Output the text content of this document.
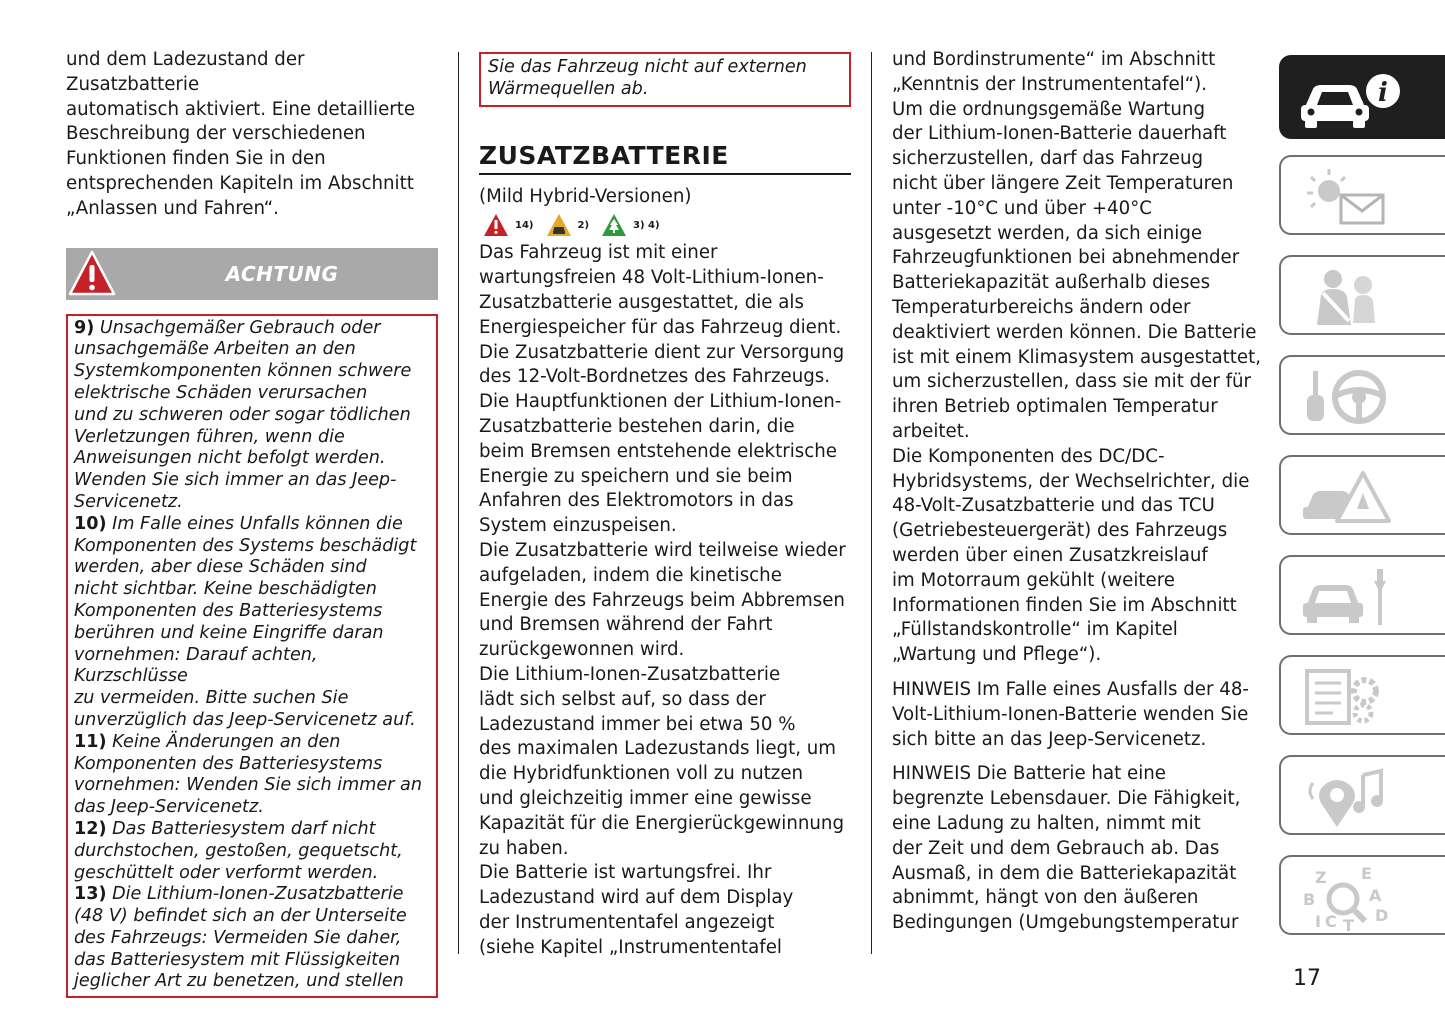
und dem Ladezustand der Zusatzbatterie
automatisch aktiviert. Eine detaillierte
Beschreibung der verschiedenen
Funktionen finden Sie in den
entsprechenden Kapiteln im Abschnitt
„Anlassen und Fahren“.
ACHTUNG
9) Unsachgemäßer Gebrauch oder
unsachgemäße Arbeiten an den
Systemkomponenten können schwere
elektrische Schäden verursachen
und zu schweren oder sogar tödlichen
Verletzungen führen, wenn die
Anweisungen nicht befolgt werden.
Wenden Sie sich immer an das Jeep-
Servicenetz.
10) Im Falle eines Unfalls können die
Komponenten des Systems beschädigt
werden, aber diese Schäden sind
nicht sichtbar. Keine beschädigten
Komponenten des Batteriesystems
berühren und keine Eingriffe daran
vornehmen: Darauf achten, Kurzschlüsse
zu vermeiden. Bitte suchen Sie
unverzüglich das Jeep-Servicenetz auf.
11) Keine Änderungen an den
Komponenten des Batteriesystems
vornehmen: Wenden Sie sich immer an
das Jeep-Servicenetz.
12) Das Batteriesystem darf nicht
durchstochen, gestoßen, gequetscht,
geschüttelt oder verformt werden.
13) Die Lithium-Ionen-Zusatzbatterie
(48 V) befindet sich an der Unterseite
des Fahrzeugs: Vermeiden Sie daher,
das Batteriesystem mit Flüssigkeiten
jeglicher Art zu benetzen, und stellen
Sie das Fahrzeug nicht auf externen
Wärmequellen ab.
ZUSATZBATTERIE
(Mild Hybrid-Versionen)
14)	2)	3) 4)
Das Fahrzeug ist mit einer
wartungsfreien 48 Volt-Lithium-Ionen-
Zusatzbatterie ausgestattet, die als
Energiespeicher für das Fahrzeug dient.
Die Zusatzbatterie dient zur Versorgung
des 12-Volt-Bordnetzes des Fahrzeugs.
Die Hauptfunktionen der Lithium-Ionen-
Zusatzbatterie bestehen darin, die
beim Bremsen entstehende elektrische
Energie zu speichern und sie beim
Anfahren des Elektromotors in das
System einzuspeisen.
Die Zusatzbatterie wird teilweise wieder
aufgeladen, indem die kinetische
Energie des Fahrzeugs beim Abbremsen
und Bremsen während der Fahrt
zurückgewonnen wird.
Die Lithium-Ionen-Zusatzbatterie
lädt sich selbst auf, so dass der
Ladezustand immer bei etwa 50 %
des maximalen Ladezustands liegt, um
die Hybridfunktionen voll zu nutzen
und gleichzeitig immer eine gewisse
Kapazität für die Energierückgewinnung
zu haben.
Die Batterie ist wartungsfrei. Ihr
Ladezustand wird auf dem Display
der Instrumententafel angezeigt
(siehe Kapitel „Instrumententafel
und Bordinstrumente“ im Abschnitt
„Kenntnis der Instrumententafel“).
Um die ordnungsgemäße Wartung
der Lithium-Ionen-Batterie dauerhaft
sicherzustellen, darf das Fahrzeug
nicht über längere Zeit Temperaturen
unter -10°C und über +40°C
ausgesetzt werden, da sich einige
Fahrzeugfunktionen bei abnehmender
Batteriekapazität außerhalb dieses
Temperaturbereichs ändern oder
deaktiviert werden können. Die Batterie
ist mit einem Klimasystem ausgestattet,
um sicherzustellen, dass sie mit der für
ihren Betrieb optimalen Temperatur
arbeitet.
Die Komponenten des DC/DC-
Hybridsystems, der Wechselrichter, die
48-Volt-Zusatzbatterie und das TCU
(Getriebesteuergerät) des Fahrzeugs
werden über einen Zusatzkreislauf
im Motorraum gekühlt (weitere
Informationen finden Sie im Abschnitt
„Füllstandskontrolle“ im Kapitel
„Wartung und Pflege“).
HINWEIS Im Falle eines Ausfalls der 48-
Volt-Lithium-Ionen-Batterie wenden Sie
sich bitte an das Jeep-Servicenetz.
HINWEIS Die Batterie hat eine
begrenzte Lebensdauer. Die Fähigkeit,
eine Ladung zu halten, nimmt mit
der Zeit und dem Gebrauch ab. Das
Ausmaß, in dem die Batteriekapazität
abnimmt, hängt von den äußeren
Bedingungen (Umgebungstemperatur
i
Z E
B	A
C T
D
I
17
